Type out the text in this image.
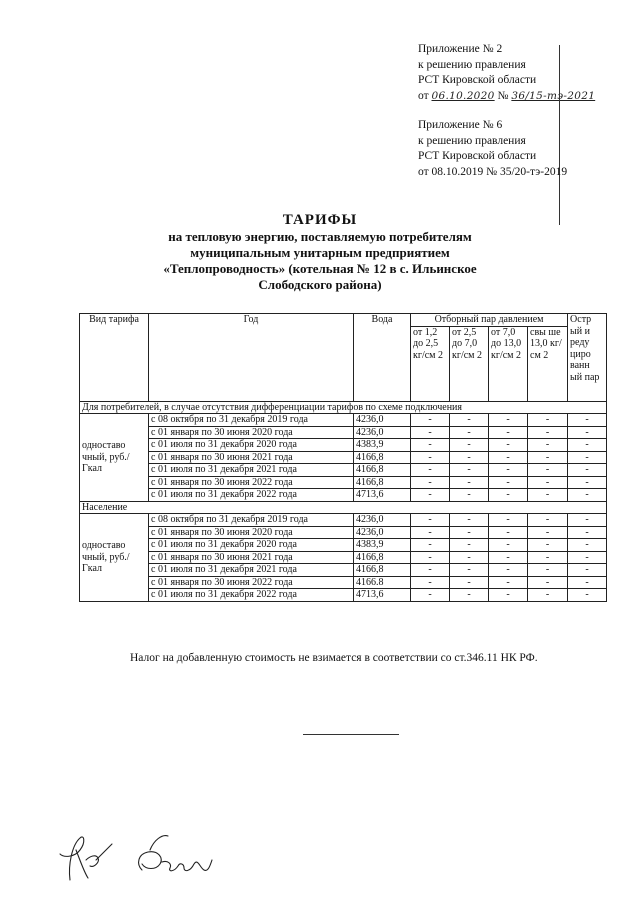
Приложение № 2
к решению правления
РСТ Кировской области
от 06.10.2020 № 36/15-тэ-2021
Приложение № 6
к решению правления
РСТ Кировской области
от 08.10.2019 № 35/20-тэ-2019
ТАРИФЫ
на тепловую энергию, поставляемую потребителям
муниципальным унитарным предприятием
«Теплопроводность» (котельная № 12 в с. Ильинское
Слободского района)
Вид тарифа	Год	Вода	Отборный пар давлением				Остр ый и реду циро ванн ый пар
			от 1,2 до 2,5 кг/см 2	от 2,5 до 7,0 кг/см 2	от 7,0 до 13,0 кг/см 2	свы ше 13,0 кг/см 2	
Для потребителей, в случае отсутствия дифференциации тарифов по схеме подключения							
одноставо чный, руб./Гкал	с 08 октября по 31 декабря 2019 года	4236,0	-	-	-	-	-
	с 01 января по 30 июня 2020 года	4236,0	-	-	-	-	-
	с 01 июля по 31 декабря 2020 года	4383,9	-	-	-	-	-
	с 01 января по 30 июня 2021 года	4166,8	-	-	-	-	-
	с 01 июля по 31 декабря 2021 года	4166,8	-	-	-	-	-
	с 01 января по 30 июня 2022 года	4166,8	-	-	-	-	-
	с 01 июля по 31 декабря 2022 года	4713,6	-	-	-	-	-
Население							
одноставо чный, руб./Гкал	с 08 октября по 31 декабря 2019 года	4236,0	-	-	-	-	-
	с 01 января по 30 июня 2020 года	4236,0	-	-	-	-	-
	с 01 июля по 31 декабря 2020 года	4383,9	-	-	-	-	-
	с 01 января по 30 июня 2021 года	4166,8	-	-	-	-	-
	с 01 июля по 31 декабря 2021 года	4166,8	-	-	-	-	-
	с 01 января по 30 июня 2022 года	4166.8	-	-	-	-	-
	с 01 июля по 31 декабря 2022 года	4713,6	-	-	-	-	-
Налог на добавленную стоимость не взимается в соответствии со ст.346.11 НК РФ.
